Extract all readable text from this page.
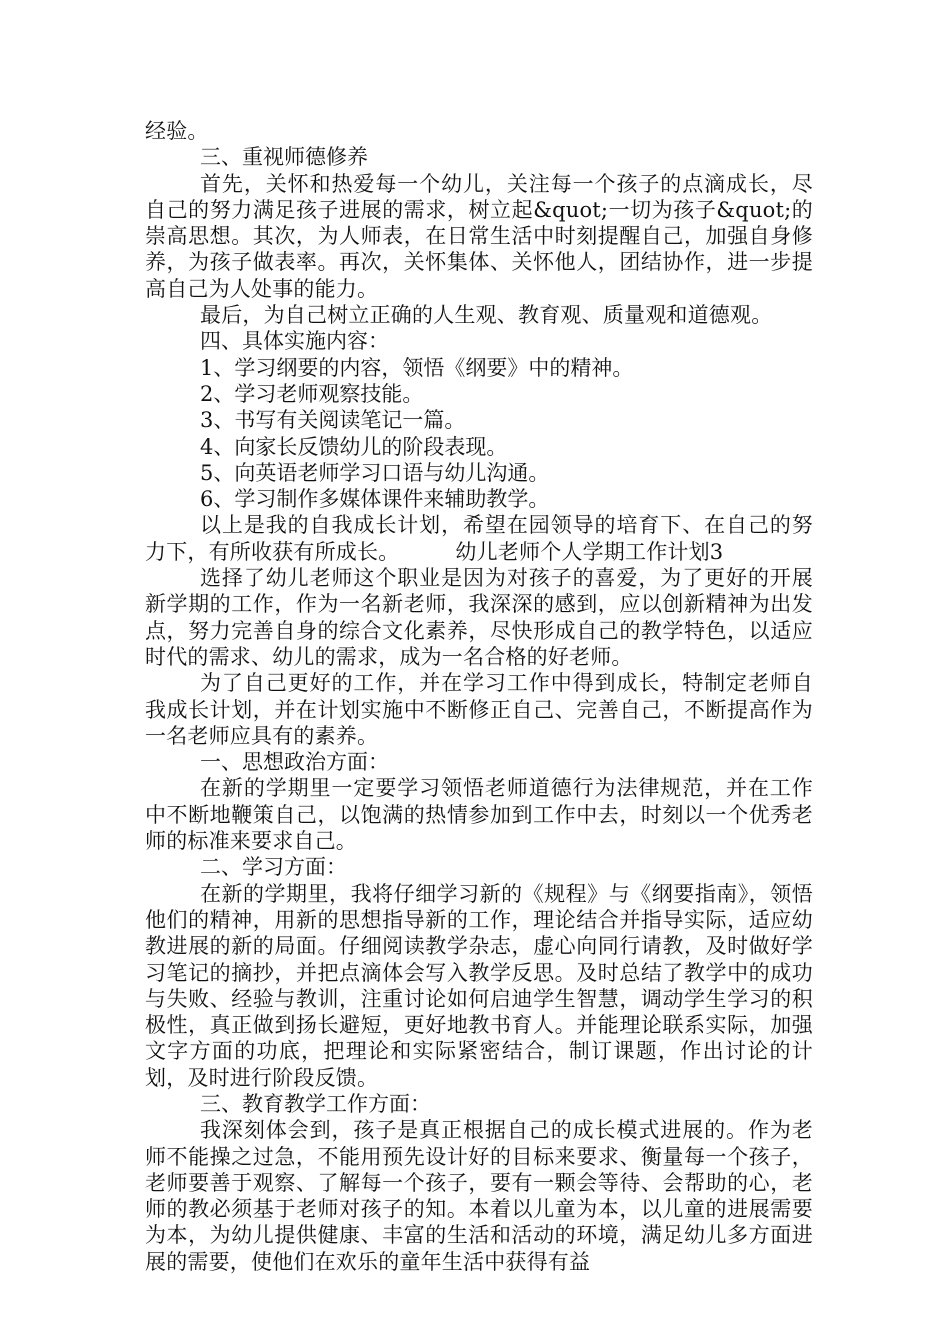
经验。

三、重视师德修养

首先，关怀和热爱每一个幼儿，关注每一个孩子的点滴成长，尽自己的努力满足孩子进展的需求，树立起&quot;一切为孩子&quot;的崇高思想。其次，为人师表，在日常生活中时刻提醒自己，加强自身修养，为孩子做表率。再次，关怀集体、关怀他人，团结协作，进一步提高自己为人处事的能力。

最后，为自己树立正确的人生观、教育观、质量观和道德观。

四、具体实施内容：

1、学习纲要的内容，领悟《纲要》中的精神。

2、学习老师观察技能。

3、书写有关阅读笔记一篇。

4、向家长反馈幼儿的阶段表现。

5、向英语老师学习口语与幼儿沟通。

6、学习制作多媒体课件来辅助教学。

以上是我的自我成长计划，希望在园领导的培育下、在自己的努力下，有所收获有所成长。	幼儿老师个人学期工作计划3

选择了幼儿老师这个职业是因为对孩子的喜爱，为了更好的开展新学期的工作，作为一名新老师，我深深的感到，应以创新精神为出发点，努力完善自身的综合文化素养，尽快形成自己的教学特色，以适应时代的需求、幼儿的需求，成为一名合格的好老师。

为了自己更好的工作，并在学习工作中得到成长，特制定老师自我成长计划，并在计划实施中不断修正自己、完善自己，不断提高作为一名老师应具有的素养。

一、思想政治方面：

在新的学期里一定要学习领悟老师道德行为法律规范，并在工作中不断地鞭策自己，以饱满的热情参加到工作中去，时刻以一个优秀老师的标准来要求自己。

二、学习方面：

在新的学期里，我将仔细学习新的《规程》与《纲要指南》，领悟他们的精神，用新的思想指导新的工作，理论结合并指导实际，适应幼教进展的新的局面。仔细阅读教学杂志，虚心向同行请教，及时做好学习笔记的摘抄，并把点滴体会写入教学反思。及时总结了教学中的成功与失败、经验与教训，注重讨论如何启迪学生智慧，调动学生学习的积极性，真正做到扬长避短，更好地教书育人。并能理论联系实际，加强文字方面的功底，把理论和实际紧密结合，制订课题，作出讨论的计划，及时进行阶段反馈。

三、教育教学工作方面：

我深刻体会到，孩子是真正根据自己的成长模式进展的。作为老师不能操之过急，不能用预先设计好的目标来要求、衡量每一个孩子，老师要善于观察、了解每一个孩子，要有一颗会等待、会帮助的心，老师的教必须基于老师对孩子的知。本着以儿童为本，以儿童的进展需要为本，为幼儿提供健康、丰富的生活和活动的环境，满足幼儿多方面进展的需要，使他们在欢乐的童年生活中获得有益
